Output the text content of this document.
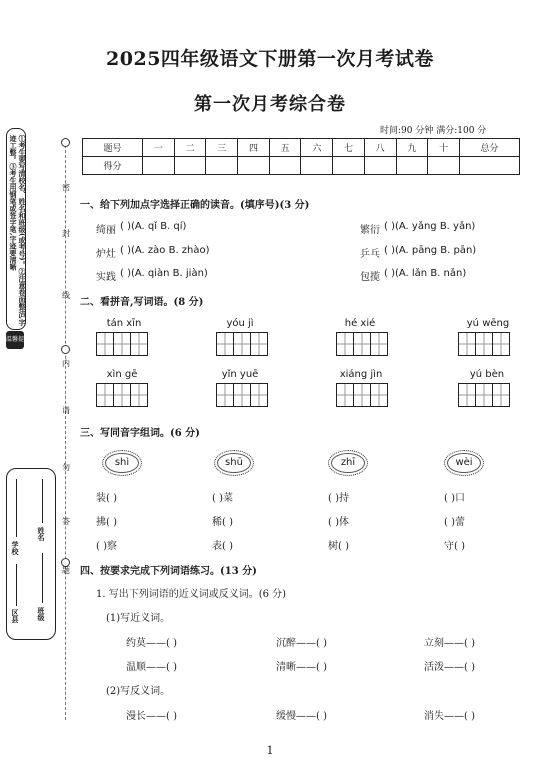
2025四年级语文下册第一次月考试卷
第一次月考综合卷
时间:90 分钟 满分:100 分
题号	一	二	三	四	五	六	七	八	九	十	总分
得分											
①考生要写清校名、姓名和班级(或考号)。②注意卷面整洁,字迹工整。③考生用钢笔或签字笔,字迹要清晰
温馨提示
学校
区县
姓名
班级
密
封
线
内
请
勿
答
题
一、给下列加点字选择正确的读音。(填序号)(3 分)
绮丽 ( )(A. qǐ B. qí)	繁衍 ( )(A. yǎng B. yǎn)
炉灶 ( )(A. zào B. zhào)	乒乓 ( )(A. pāng B. pān)
实践 ( )(A. qiàn B. jiàn)	包揽 ( )(A. lǎn B. nǎn)
二、看拼音,写词语。(8 分)
tán xīn	yóu jì	hé xié	yú wēng
xìn gē	yǐn yuē	xiáng jìn	yú bèn
三、写同音字组词。(6 分)
shì	shū	zhī	wèi
装( )	( )菜	( )持	( )口
拂( )	稀( )	( )体	( )蕾
( )察	表( )	树( )	守( )
四、按要求完成下列词语练习。(13 分)
1. 写出下列词语的近义词或反义词。(6 分)
(1)写近义词。
约莫——( )	沉醉——( )	立刻——( )
温顺——( )	清晰——( )	活泼——( )
(2)写反义词。
漫长——( )	缓慢——( )	消失——( )
1
